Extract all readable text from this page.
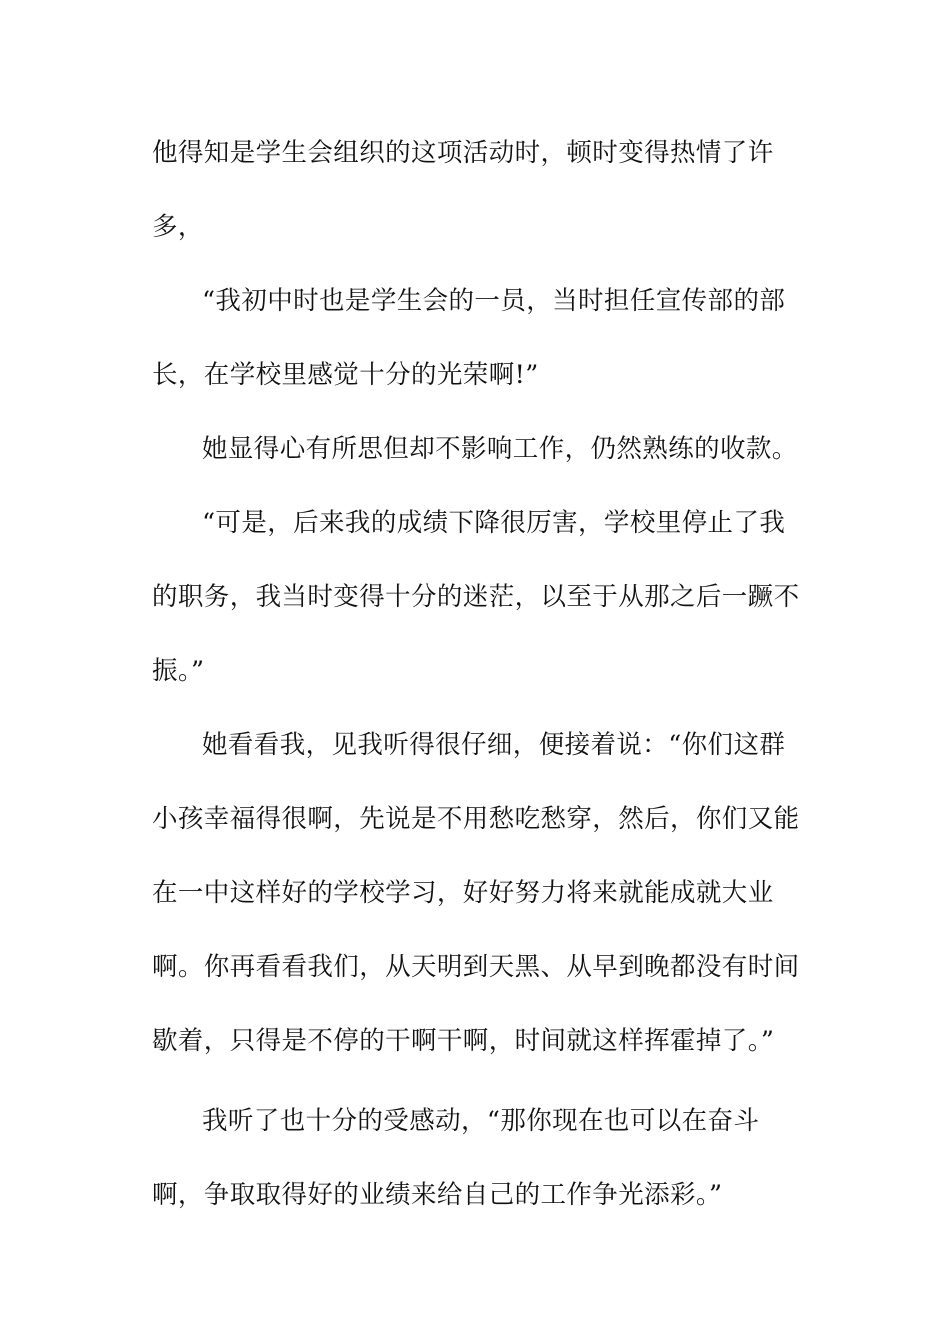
他得知是学生会组织的这项活动时，顿时变得热情了许
多，
“我初中时也是学生会的一员，当时担任宣传部的部
长，在学校里感觉十分的光荣啊!”
她显得心有所思但却不影响工作，仍然熟练的收款。
“可是，后来我的成绩下降很厉害，学校里停止了我
的职务，我当时变得十分的迷茫，以至于从那之后一蹶不
振。”
她看看我，见我听得很仔细，便接着说：“你们这群
小孩幸福得很啊，先说是不用愁吃愁穿，然后，你们又能
在一中这样好的学校学习，好好努力将来就能成就大业
啊。你再看看我们，从天明到天黑、从早到晚都没有时间
歇着，只得是不停的干啊干啊，时间就这样挥霍掉了。”
我听了也十分的受感动，“那你现在也可以在奋斗
啊，争取取得好的业绩来给自己的工作争光添彩。”
